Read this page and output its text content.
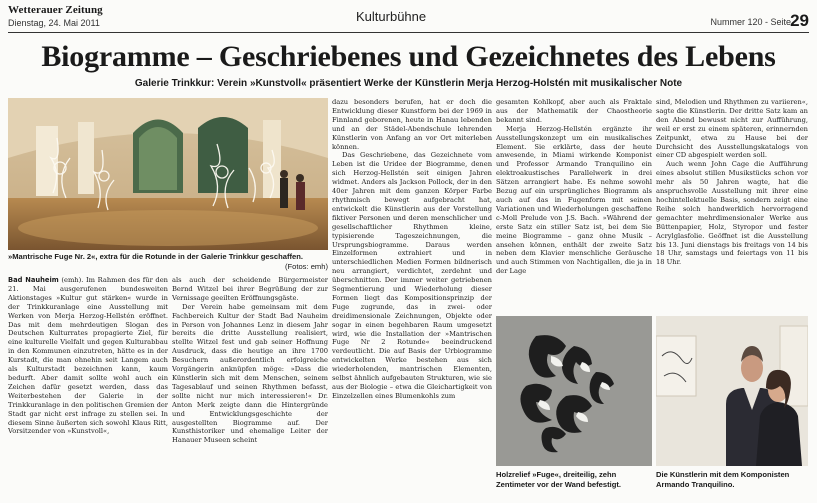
Wetterauer Zeitung
Dienstag, 24. Mai 2011	Kulturbühne	Nummer 120 - Seite 29
Biogramme – Geschriebenes und Gezeichnetes des Lebens
Galerie Trinkkur: Verein »Kunstvoll« präsentiert Werke der Künstlerin Merja Herzog-Holstén mit musikalischer Note
»Mantrische Fuge Nr. 2«, extra für die Rotunde in der Galerie Trinkkur geschaffen.
(Fotos: emh)

Bad Nauheim (emh). Im Rahmen des für den 21. Mai ausgerufenen bundesweiten Aktionstages »Kultur gut stärken« wurde in der Trinkkuranlage eine Ausstellung mit Werken von Merja Herzog-Hellstén eröffnet. Das mit dem mehrdeutigen Slogan des Deutschen Kulturrates propagierte Ziel, für eine kulturelle Vielfalt und gegen Kulturabbau in den Kommunen einzutreten, hätte es in der Kurstadt, die man ohnehin seit Langem auch als Kulturstadt bezeichnen kann, kaum bedurft. Aber damit sollte wohl auch ein Zeichen dafür gesetzt werden, dass das Weiterbestehen der Galerie in der Trinkkuranlage in den politischen Gremien der Stadt gar nicht erst infrage zu stellen sei. In diesem Sinne äußerten sich sowohl Klaus Ritt, Vorsitzender von »Kunstvoll«,

als auch der scheidende Bürgermeister Bernd Witzel bei ihrer Begrüßung der zur Vernissage geeilten Eröffnungsgäste.

Der Verein habe gemeinsam mit dem Fachbereich Kultur der Stadt Bad Nauheim in Person von Johannes Lenz in diesem Jahr bereits die dritte Ausstellung realisiert, stellte Witzel fest und gab seiner Hoffnung Ausdruck, dass die heutige an ihre 1700 Besuchern außerordentlich erfolgreiche Vorgängerin anknüpfen möge: »Dass die Künstlerin sich mit dem Menschen, seinem Tagesablauf und seinen Rhythmen befasst, sollte nicht nur mich interessieren!« Dr. Anton Merk zeigte dann die Hintergründe und Entwicklungsgeschichte der ausgestellten Biogramme auf. Der Kunsthistoriker und ehemalige Leiter der Hanauer Museen scheint

dazu besonders berufen, hat er doch die Entwicklung dieser Kunstform bei der 1969 in Finnland geborenen, heute in Hanau lebenden und an der Städel-Abendschule lehrenden Künstlerin von Anfang an vor Ort miterleben können.

Das Geschriebene, das Gezeichnete vom Leben ist die Uridee der Biogramme, denen sich Herzog-Hellstén seit einigen Jahren widmet. Anders als Jackson Pollock, der in den 40er Jahren mit dem ganzen Körper Farbe rhythmisch bewegt aufgebracht hat, entwickelt die Künstlerin aus der Vorstellung fiktiver Personen und deren menschlicher und gesellschaftlicher Rhythmen kleine, typisierende Tageszeichnungen, die Ursprungsbiogramme. Daraus werden Einzelformen extrahiert und in unterschiedlichen Medien Formen bildnerisch neu arrangiert, verdichtet, zerdehnt und überschnitten. Der immer weiter getriebenen Segmentierung und Wiederholung dieser Formen liegt das Kompositionsprinzip der Fuge zugrunde, das in zwei- oder dreidimensionale Zeichnungen, Objekte oder sogar in einen begehbaren Raum umgesetzt wird, wie die Installation der »Mantrischen Fuge Nr 2 Rotunde« beeindruckend verdeutlicht. Die auf Basis der Urbiogramme entwickelten Werke bestehen aus sich wiederholenden, mantrischen Elementen, selbst ähnlich aufgebauten Strukturen, wie sie aus der Biologie – etwa die Gleichartigkeit von Einzelzellen eines Blumenkohls zum

gesamten Kohlkopf, aber auch als Fraktale aus der Mathematik der Chaostheorie bekannt sind.

Merja Herzog-Hellstén ergänzte ihr Ausstellungskonzept um ein musikalisches Element. Sie erklärte, dass der heute anwesende, in Miami wirkende Komponist und Professor Armando Tranquilino ein elektroakustisches Parallelwerk in drei Sätzen arrangiert habe. Es nehme sowohl Bezug auf ein ursprüngliches Biogramm als auch auf das in Fugenform mit seinen Variationen und Wiederholungen geschaffene c-Moll Prelude von J.S. Bach. »Während der erste Satz ein stiller Satz ist, bei dem Sie meine Biogramme – ganz ohne Musik – ansehen können, enthält der zweite Satz neben dem Klavier menschliche Geräusche und auch Stimmen von Nachtigallen, die ja in der Lage

sind, Melodien und Rhythmen zu variieren«, sagte die Künstlerin. Der dritte Satz kam an den Abend bewusst nicht zur Aufführung, weil er erst zu einem späteren, erinnernden Zeitpunkt, etwa zu Hause bei der Durchsicht des Ausstellungskatalogs von einer CD abgespielt werden soll.

Auch wenn John Cage die Aufführung eines absolut stillen Musikstücks schon vor mehr als 50 Jahren wagte, hat die anspruchsvolle Ausstellung mit ihrer eine hochintellektuelle Basis, sondern zeigt eine Reihe solch handwerklich hervorragend gemachter mehrdimensionaler Werke aus Büttenpapier, Holz, Styropor und fester Acrylglasfolie. Geöffnet ist die Ausstellung bis 13. Juni dienstags bis freitags von 14 bis 18 Uhr, samstags und feiertags von 11 bis 18 Uhr.

Holzrelief »Fuge«, dreiteilig, zehn Zentimeter vor der Wand befestigt.
Die Künstlerin mit dem Komponisten Armando Tranquilino.
